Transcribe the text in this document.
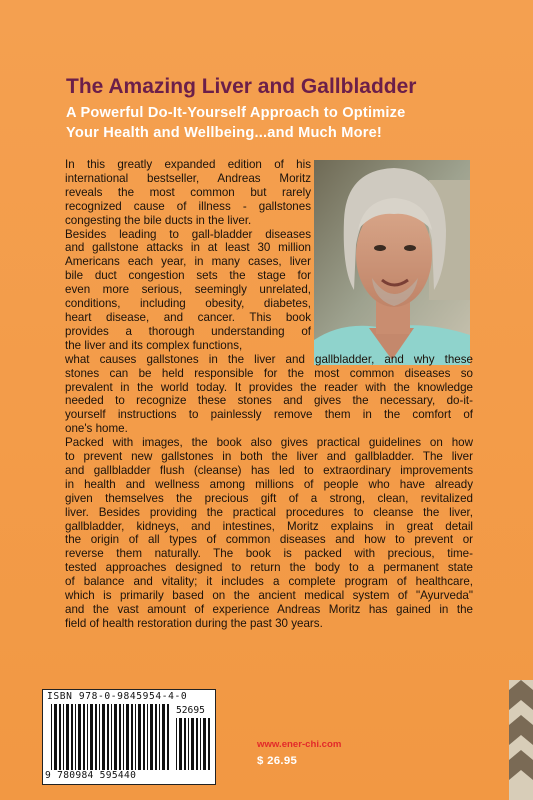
The Amazing Liver and Gallbladder
A Powerful Do-It-Yourself Approach to Optimize
Your Health and Wellbeing...and Much More!

In this greatly expanded edition of his
international bestseller, Andreas Moritz
reveals the most common but rarely
recognized cause of illness - gallstones
congesting the bile ducts in the liver.

Besides leading to gall-bladder diseases
and gallstone attacks in at least 30 million
Americans each year, in many cases, liver
bile duct congestion sets the stage for
even more serious, seemingly unrelated,
conditions, including obesity, diabetes,
heart disease, and cancer. This book
provides a thorough understanding of
the liver and its complex functions,
what causes gallstones in the liver and gallbladder, and why these
stones can be held responsible for the most common diseases so
prevalent in the world today. It provides the reader with the knowledge
needed to recognize these stones and gives the necessary, do-it-
yourself instructions to painlessly remove them in the comfort of
one's home.

Packed with images, the book also gives practical guidelines on how
to prevent new gallstones in both the liver and gallbladder. The liver
and gallbladder flush (cleanse) has led to extraordinary improvements
in health and wellness among millions of people who have already
given themselves the precious gift of a strong, clean, revitalized
liver. Besides providing the practical procedures to cleanse the liver,
gallbladder, kidneys, and intestines, Moritz explains in great detail
the origin of all types of common diseases and how to prevent or
reverse them naturally. The book is packed with precious, time-
tested approaches designed to return the body to a permanent state
of balance and vitality; it includes a complete program of healthcare,
which is primarily based on the ancient medical system of "Ayurveda"
and the vast amount of experience Andreas Moritz has gained in the
field of health restoration during the past 30 years.

ISBN 978-0-9845954-4-0
52695
9 780984 595440
www.ener-chi.com
$ 26.95
